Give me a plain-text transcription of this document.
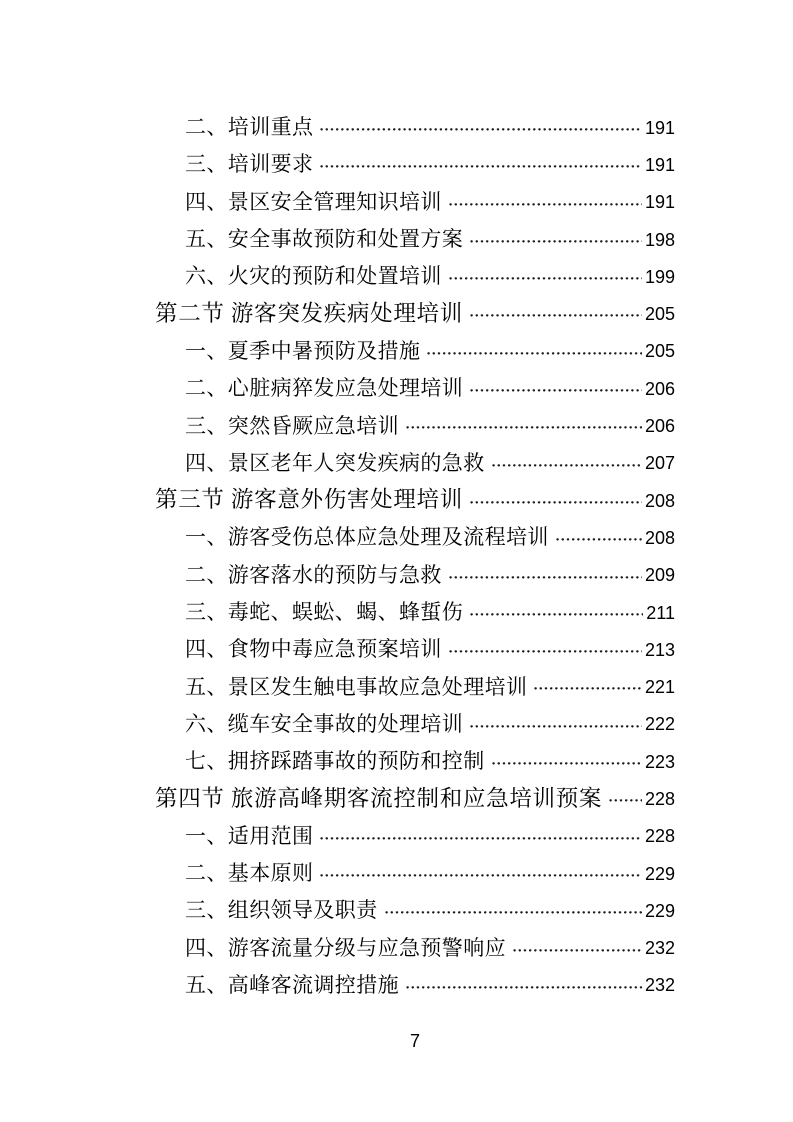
二、培训重点	191
三、培训要求	191
四、景区安全管理知识培训	191
五、安全事故预防和处置方案	198
六、火灾的预防和处置培训	199
第二节 游客突发疾病处理培训	205
一、夏季中暑预防及措施	205
二、心脏病猝发应急处理培训	206
三、突然昏厥应急培训	206
四、景区老年人突发疾病的急救	207
第三节 游客意外伤害处理培训	208
一、游客受伤总体应急处理及流程培训	208
二、游客落水的预防与急救	209
三、毒蛇、蜈蚣、蝎、蜂蜇伤	211
四、食物中毒应急预案培训	213
五、景区发生触电事故应急处理培训	221
六、缆车安全事故的处理培训	222
七、拥挤踩踏事故的预防和控制	223
第四节 旅游高峰期客流控制和应急培训预案 228
一、适用范围	228
二、基本原则	229
三、组织领导及职责	229
四、游客流量分级与应急预警响应	232
五、高峰客流调控措施	232
7
